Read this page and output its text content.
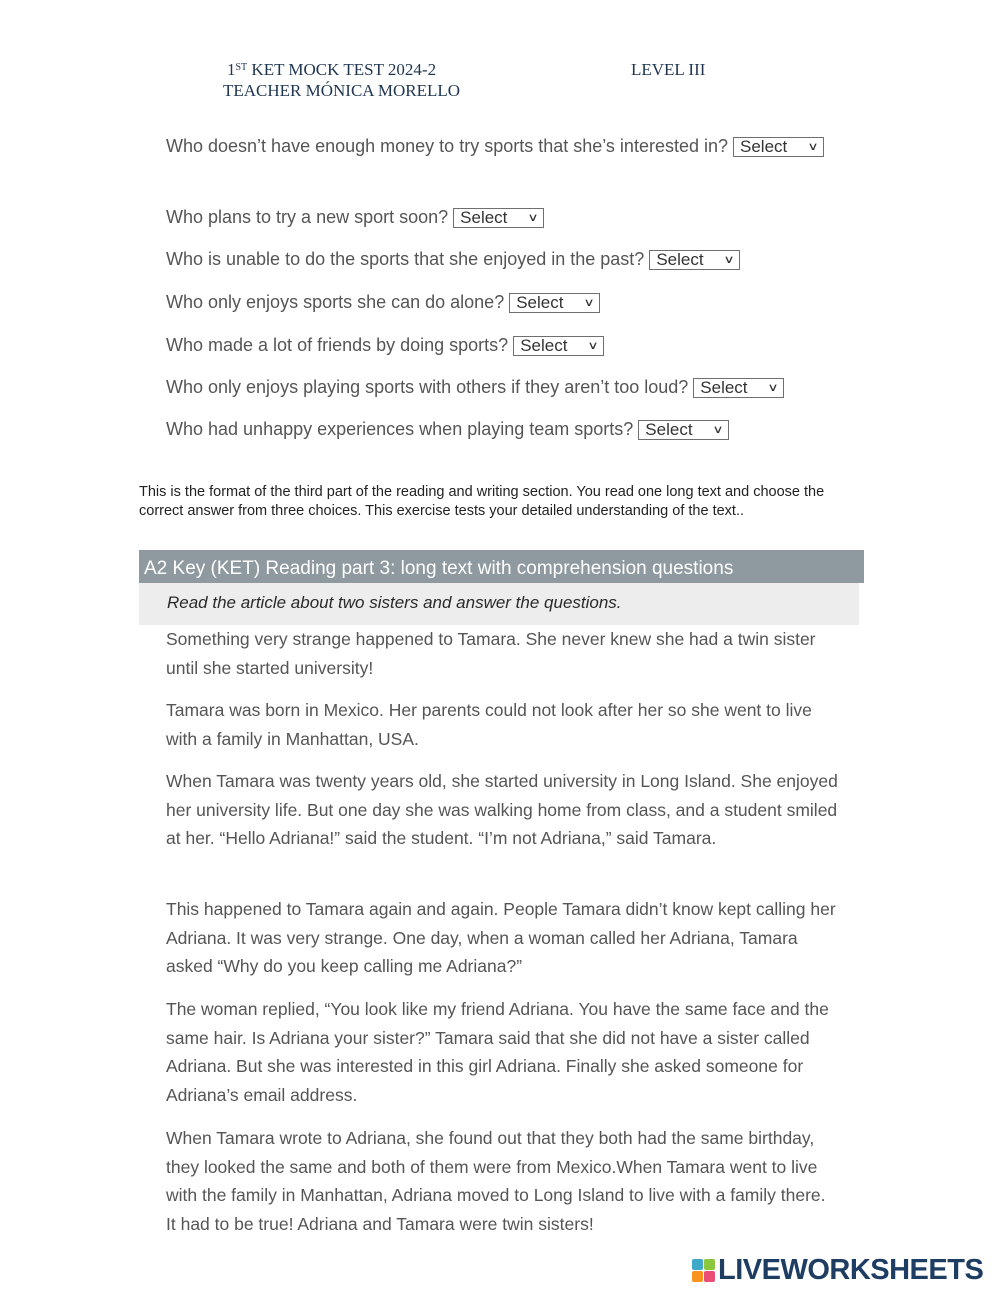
1ST KET MOCK TEST 2024-2
TEACHER MÓNICA MORELLO
LEVEL III
Who doesn’t have enough money to try sports that she’s interested in? Select ∨
Who plans to try a new sport soon? Select ∨
Who is unable to do the sports that she enjoyed in the past? Select ∨
Who only enjoys sports she can do alone? Select ∨
Who made a lot of friends by doing sports? Select ∨
Who only enjoys playing sports with others if they aren’t too loud? Select ∨
Who had unhappy experiences when playing team sports? Select ∨
This is the format of the third part of the reading and writing section. You read one long text and choose the correct answer from three choices. This exercise tests your detailed understanding of the text..
A2 Key (KET) Reading part 3: long text with comprehension questions
Read the article about two sisters and answer the questions.

Something very strange happened to Tamara. She never knew she had a twin sister until she started university!

Tamara was born in Mexico. Her parents could not look after her so she went to live with a family in Manhattan, USA.

When Tamara was twenty years old, she started university in Long Island. She enjoyed her university life. But one day she was walking home from class, and a student smiled at her. “Hello Adriana!” said the student. “I’m not Adriana,” said Tamara.

This happened to Tamara again and again. People Tamara didn’t know kept calling her Adriana. It was very strange. One day, when a woman called her Adriana, Tamara asked “Why do you keep calling me Adriana?”

The woman replied, “You look like my friend Adriana. You have the same face and the same hair. Is Adriana your sister?” Tamara said that she did not have a sister called Adriana. But she was interested in this girl Adriana. Finally she asked someone for Adriana’s email address.

When Tamara wrote to Adriana, she found out that they both had the same birthday, they looked the same and both of them were from Mexico.When Tamara went to live with the family in Manhattan, Adriana moved to Long Island to live with a family there. It had to be true! Adriana and Tamara were twin sisters!

LIVEWORKSHEETS
